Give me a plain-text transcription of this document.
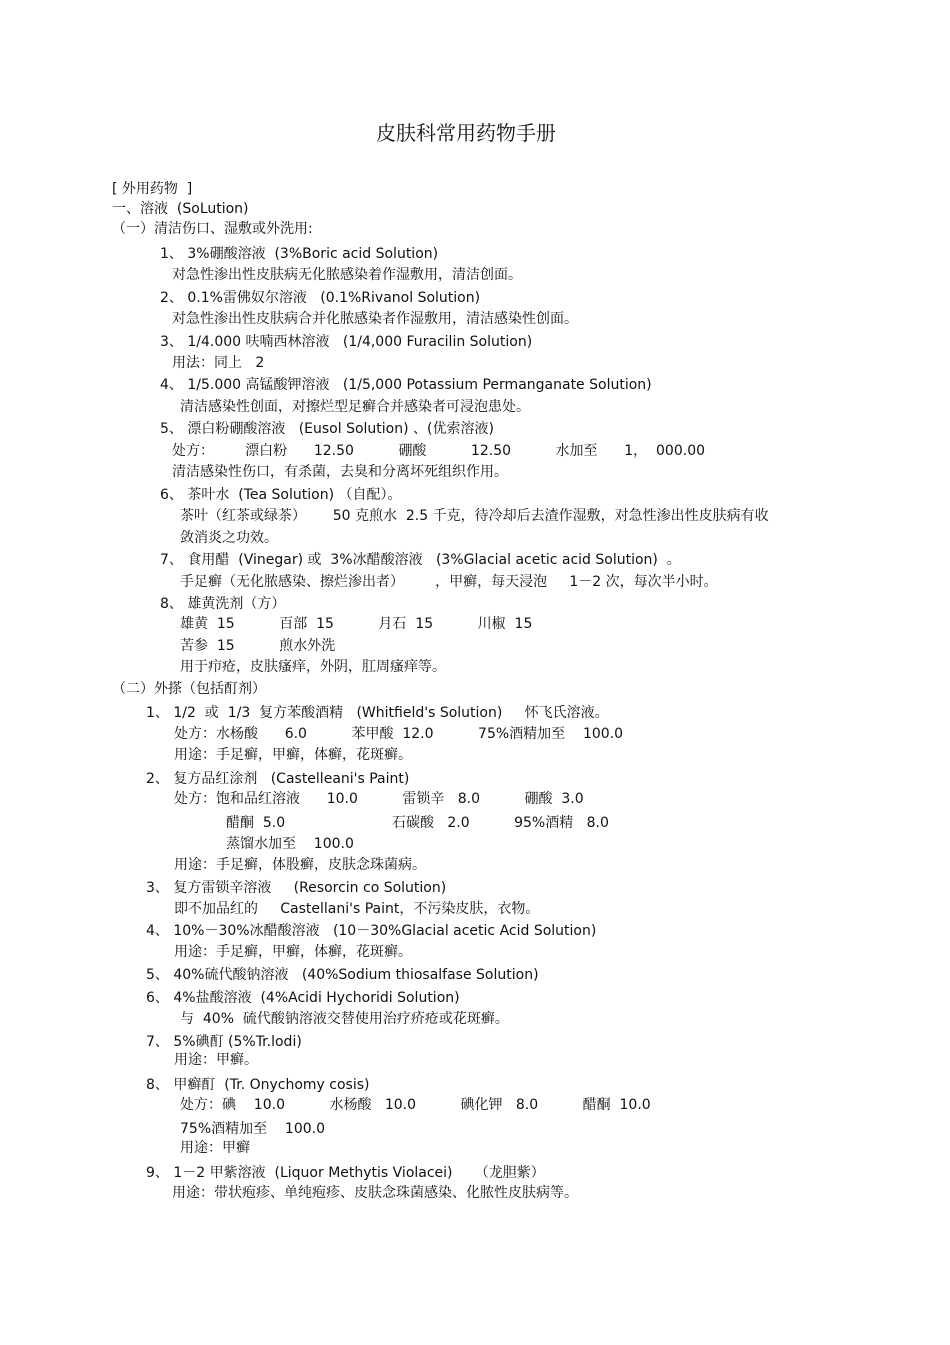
皮肤科常用药物手册
[ 外用药物  ]
一、溶液  (SoLution)
（一）清洁伤口、湿敷或外洗用:
1、 3%硼酸溶液  (3%Boric acid Solution)
对急性渗出性皮肤病无化脓感染着作湿敷用，清洁创面。
2、 0.1%雷佛奴尔溶液   (0.1%Rivanol Solution)
对急性渗出性皮肤病合并化脓感染者作湿敷用，清洁感染性创面。
3、 1/4.000 呋喃西林溶液   (1/4,000 Furacilin Solution)
用法：同上   2
4、 1/5.000 高锰酸钾溶液   (1/5,000 Potassium Permanganate Solution)
清洁感染性创面，对擦烂型足癣合并感染者可浸泡患处。
5、 漂白粉硼酸溶液   (Eusol Solution) 、(优索溶液)
处方：       漂白粉      12.50          硼酸          12.50          水加至      1，  000.00
清洁感染性伤口，有杀菌，去臭和分离坏死组织作用。
6、 茶叶水  (Tea Solution) （自配）。
茶叶（红茶或绿茶）      50 克煎水  2.5 千克，待冷却后去渣作湿敷，对急性渗出性皮肤病有收
敛消炎之功效。
7、 食用醋  (Vinegar) 或  3%冰醋酸溶液   (3%Glacial acetic acid Solution)  。
手足癣（无化脓感染、擦烂渗出者）       ，甲癣，每天浸泡     1－2 次，每次半小时。
8、 雄黄洗剂（方）
雄黄  15          百部  15          月石  15          川椒  15
苦参  15          煎水外洗
用于疖疮，皮肤瘙痒，外阴，肛周瘙痒等。
（二）外搽（包括酊剂）
1、 1/2  或  1/3  复方苯酸酒精   (Whitfield's Solution)     怀飞氏溶液。
处方：水杨酸      6.0          苯甲酸  12.0          75%酒精加至    100.0
用途：手足癣，甲癣，体癣，花斑癣。
2、 复方品红涂剂   (Castelleani's Paint)
处方：饱和品红溶液      10.0          雷锁辛   8.0          硼酸  3.0
醋酮  5.0	石碳酸   2.0          95%酒精   8.0
蒸馏水加至    100.0
用途：手足癣，体股癣，皮肤念珠菌病。
3、 复方雷锁辛溶液     (Resorcin co Solution)
即不加品红的     Castellani's Paint，不污染皮肤，衣物。
4、 10%－30%冰醋酸溶液   (10－30%Glacial acetic Acid Solution)
用途：手足癣，甲癣，体癣，花斑癣。
5、 40%硫代酸钠溶液   (40%Sodium thiosalfase Solution)
6、 4%盐酸溶液  (4%Acidi Hychoridi Solution)
与  40%  硫代酸钠溶液交替使用治疗疥疮或花斑癣。
7、 5%碘酊 (5%Tr.lodi)
用途：甲癣。
8、 甲癣酊  (Tr. Onychomy cosis)
处方：碘    10.0          水杨酸   10.0          碘化钾   8.0          醋酮  10.0
75%酒精加至    100.0
用途：甲癣
9、 1－2 甲紫溶液  (Liquor Methytis Violacei)     （龙胆紫）
用途：带状疱疹、单纯疱疹、皮肤念珠菌感染、化脓性皮肤病等。
